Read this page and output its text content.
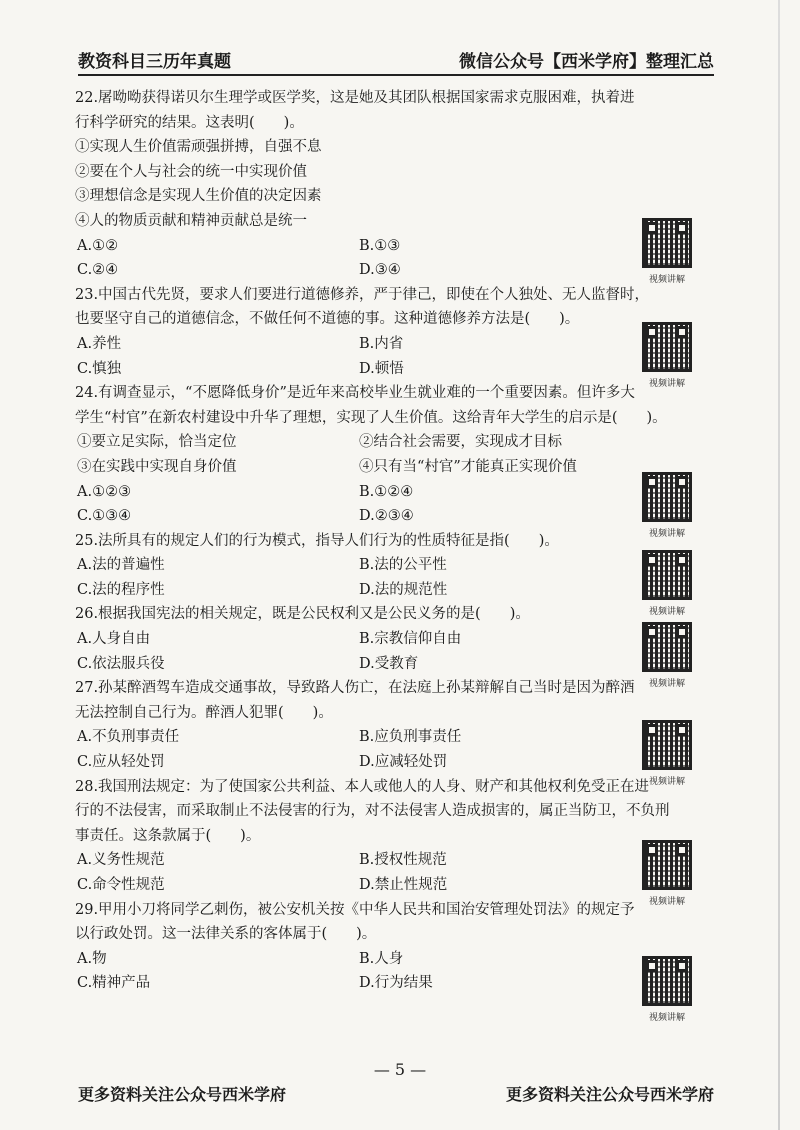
教资科目三历年真题	微信公众号【西米学府】整理汇总
22.屠呦呦获得诺贝尔生理学或医学奖，这是她及其团队根据国家需求克服困难，执着进
行科学研究的结果。这表明(　　)。
①实现人生价值需顽强拼搏，自强不息
②要在个人与社会的统一中实现价值
③理想信念是实现人生价值的决定因素
④人的物质贡献和精神贡献总是统一
A.①②	B.①③
C.②④	D.③④
23.中国古代先贤，要求人们要进行道德修养，严于律己，即使在个人独处、无人监督时，
也要坚守自己的道德信念，不做任何不道德的事。这种道德修养方法是(　　)。
A.养性	B.内省
C.慎独	D.顿悟
24.有调查显示，“不愿降低身价”是近年来高校毕业生就业难的一个重要因素。但许多大
学生“村官”在新农村建设中升华了理想，实现了人生价值。这给青年大学生的启示是(　　)。
①要立足实际，恰当定位	②结合社会需要，实现成才目标
③在实践中实现自身价值	④只有当“村官”才能真正实现价值
A.①②③	B.①②④
C.①③④	D.②③④
25.法所具有的规定人们的行为模式，指导人们行为的性质特征是指(　　)。
A.法的普遍性	B.法的公平性
C.法的程序性	D.法的规范性
26.根据我国宪法的相关规定，既是公民权利又是公民义务的是(　　)。
A.人身自由	B.宗教信仰自由
C.依法服兵役	D.受教育
27.孙某醉酒驾车造成交通事故，导致路人伤亡，在法庭上孙某辩解自己当时是因为醉酒
无法控制自己行为。醉酒人犯罪(　　)。
A.不负刑事责任	B.应负刑事责任
C.应从轻处罚	D.应减轻处罚
28.我国刑法规定：为了使国家公共利益、本人或他人的人身、财产和其他权利免受正在进
行的不法侵害，而采取制止不法侵害的行为，对不法侵害人造成损害的，属正当防卫，不负刑
事责任。这条款属于(　　)。
A.义务性规范	B.授权性规范
C.命令性规范	D.禁止性规范
29.甲用小刀将同学乙刺伤，被公安机关按《中华人民共和国治安管理处罚法》的规定予
以行政处罚。这一法律关系的客体属于(　　)。
A.物	B.人身
C.精神产品	D.行为结果
视频讲解
视频讲解
视频讲解
视频讲解
视频讲解
视频讲解
视频讲解
视频讲解
— 5 —
更多资料关注公众号西米学府	更多资料关注公众号西米学府
